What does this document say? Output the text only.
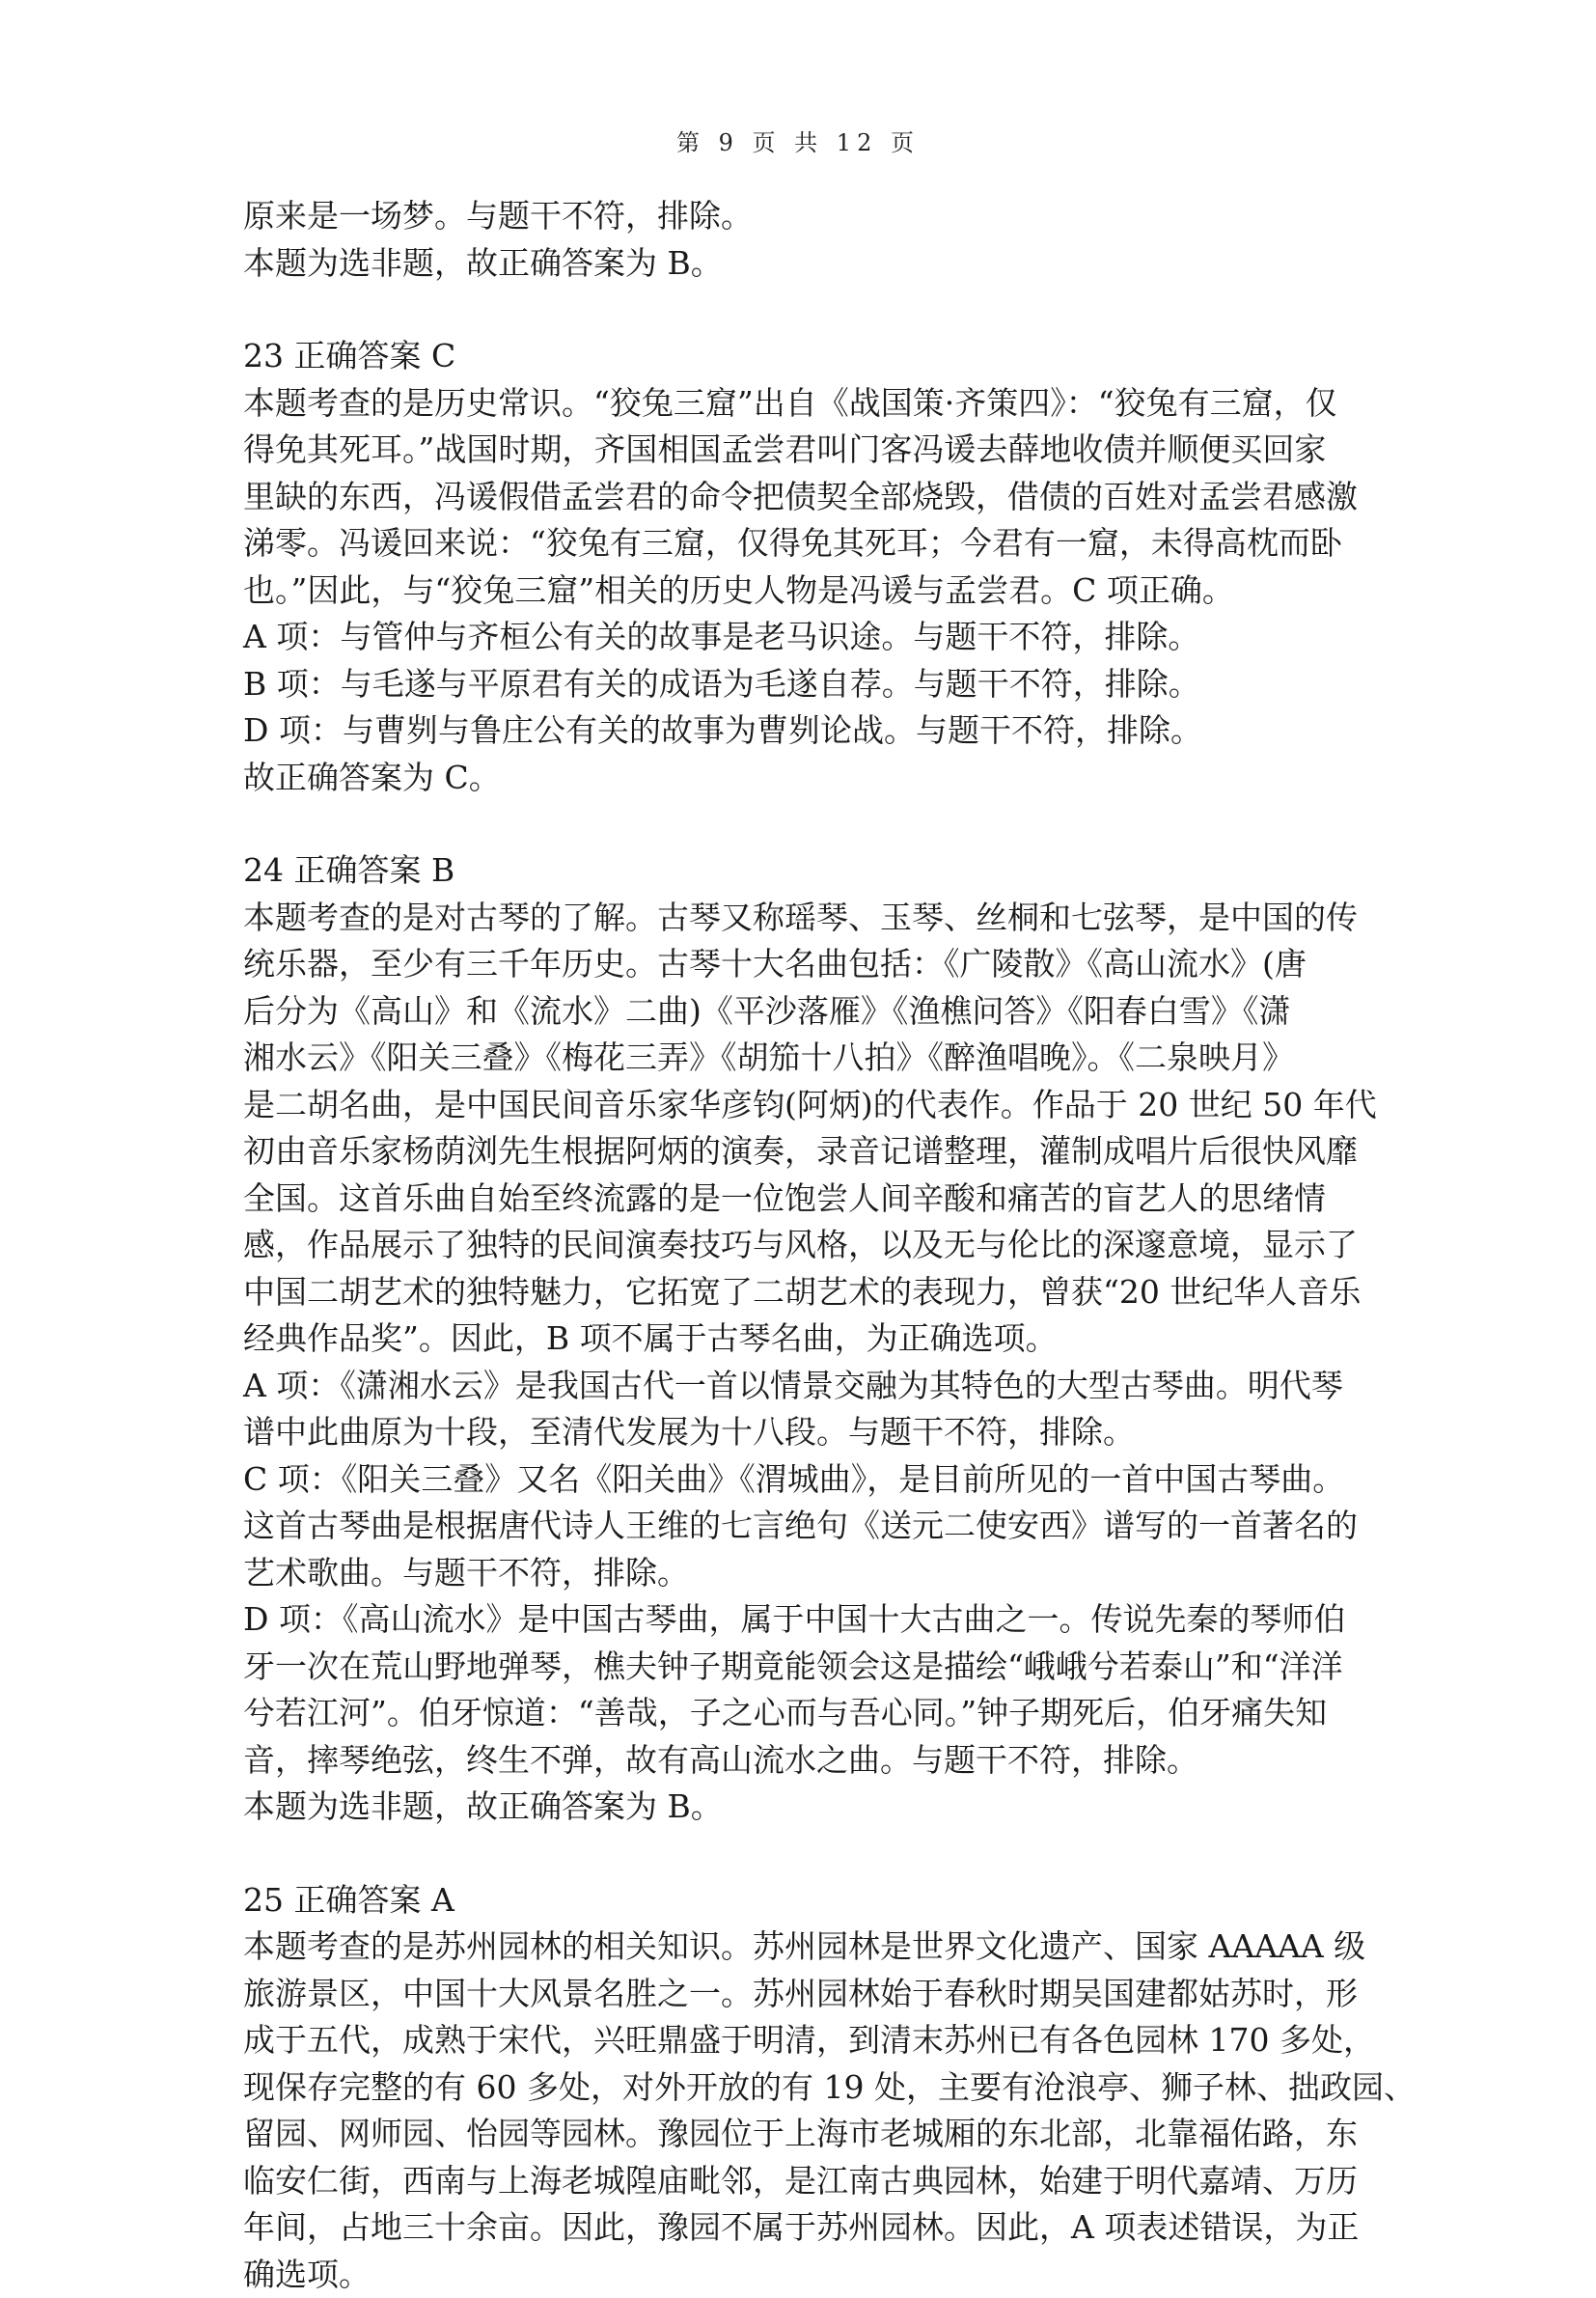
第 9 页 共 12 页

原来是一场梦。与题干不符，排除。

本题为选非题，故正确答案为 B。

23 正确答案 C

本题考查的是历史常识。“狡兔三窟”出自《战国策·齐策四》：“狡兔有三窟，仅

得免其死耳。”战国时期，齐国相国孟尝君叫门客冯谖去薛地收债并顺便买回家

里缺的东西，冯谖假借孟尝君的命令把债契全部烧毁，借债的百姓对孟尝君感激

涕零。冯谖回来说：“狡兔有三窟，仅得免其死耳；今君有一窟，未得高枕而卧

也。”因此，与“狡兔三窟”相关的历史人物是冯谖与孟尝君。C 项正确。

A 项：与管仲与齐桓公有关的故事是老马识途。与题干不符，排除。

B 项：与毛遂与平原君有关的成语为毛遂自荐。与题干不符，排除。

D 项：与曹刿与鲁庄公有关的故事为曹刿论战。与题干不符，排除。

故正确答案为 C。

24 正确答案 B

本题考查的是对古琴的了解。古琴又称瑶琴、玉琴、丝桐和七弦琴，是中国的传

统乐器，至少有三千年历史。古琴十大名曲包括：《广陵散》《高山流水》(唐

后分为《高山》和《流水》二曲)《平沙落雁》《渔樵问答》《阳春白雪》《潇

湘水云》《阳关三叠》《梅花三弄》《胡笳十八拍》《醉渔唱晚》。《二泉映月》

是二胡名曲，是中国民间音乐家华彦钧(阿炳)的代表作。作品于 20 世纪 50 年代

初由音乐家杨荫浏先生根据阿炳的演奏，录音记谱整理，灌制成唱片后很快风靡

全国。这首乐曲自始至终流露的是一位饱尝人间辛酸和痛苦的盲艺人的思绪情

感，作品展示了独特的民间演奏技巧与风格，以及无与伦比的深邃意境，显示了

中国二胡艺术的独特魅力，它拓宽了二胡艺术的表现力，曾获“20 世纪华人音乐

经典作品奖”。因此，B 项不属于古琴名曲，为正确选项。

A 项：《潇湘水云》是我国古代一首以情景交融为其特色的大型古琴曲。明代琴

谱中此曲原为十段，至清代发展为十八段。与题干不符，排除。

C 项：《阳关三叠》又名《阳关曲》《渭城曲》，是目前所见的一首中国古琴曲。

这首古琴曲是根据唐代诗人王维的七言绝句《送元二使安西》谱写的一首著名的

艺术歌曲。与题干不符，排除。

D 项：《高山流水》是中国古琴曲，属于中国十大古曲之一。传说先秦的琴师伯

牙一次在荒山野地弹琴，樵夫钟子期竟能领会这是描绘“峨峨兮若泰山”和“洋洋

兮若江河”。伯牙惊道：“善哉，子之心而与吾心同。”钟子期死后，伯牙痛失知

音，摔琴绝弦，终生不弹，故有高山流水之曲。与题干不符，排除。

本题为选非题，故正确答案为 B。

25 正确答案 A

本题考查的是苏州园林的相关知识。苏州园林是世界文化遗产、国家 AAAAA 级

旅游景区，中国十大风景名胜之一。苏州园林始于春秋时期吴国建都姑苏时，形

成于五代，成熟于宋代，兴旺鼎盛于明清，到清末苏州已有各色园林 170 多处，

现保存完整的有 60 多处，对外开放的有 19 处，主要有沧浪亭、狮子林、拙政园、

留园、网师园、怡园等园林。豫园位于上海市老城厢的东北部，北靠福佑路，东

临安仁街，西南与上海老城隍庙毗邻，是江南古典园林，始建于明代嘉靖、万历

年间，占地三十余亩。因此，豫园不属于苏州园林。因此，A 项表述错误，为正

确选项。
